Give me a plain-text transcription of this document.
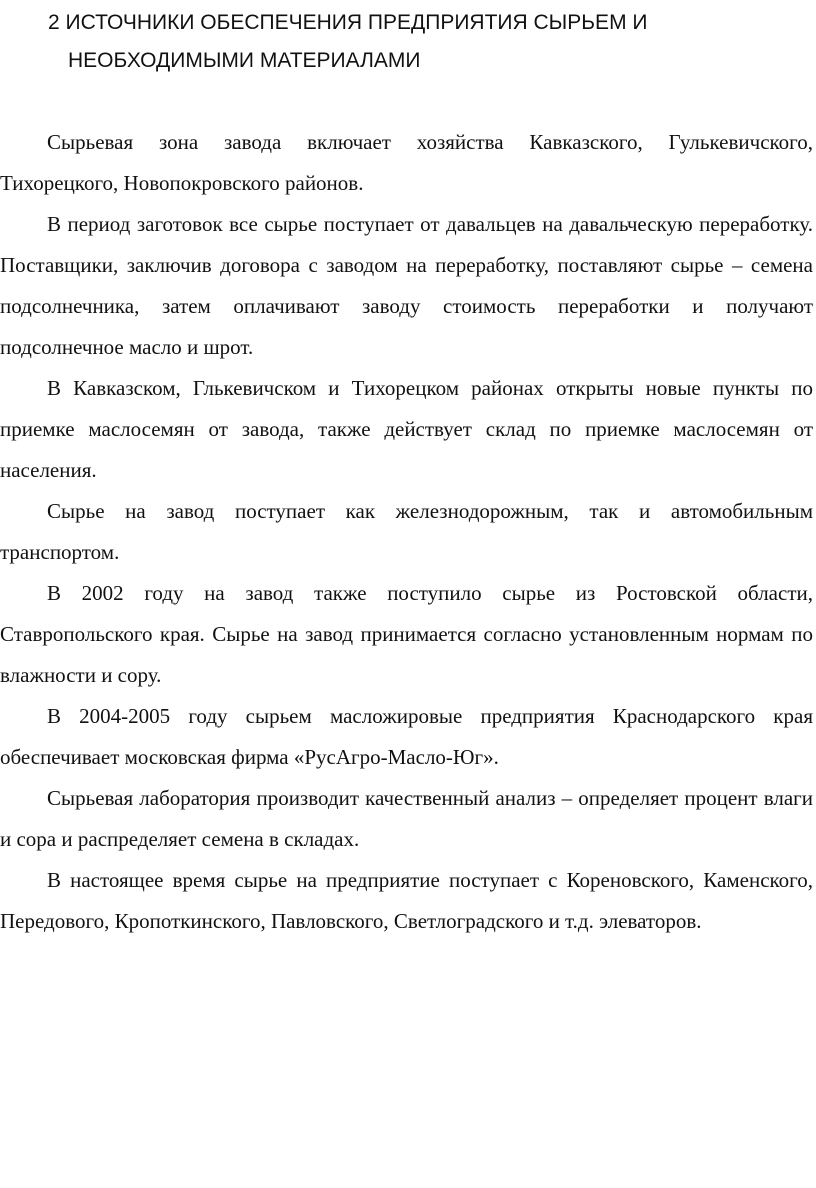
2 ИСТОЧНИКИ ОБЕСПЕЧЕНИЯ ПРЕДПРИЯТИЯ СЫРЬЕМ И
НЕОБХОДИМЫМИ МАТЕРИАЛАМИ

Сырьевая зона завода включает хозяйства Кавказского, Гулькевичского, Тихорецкого, Новопокровского районов.

В период заготовок все сырье поступает от давальцев на давальческую переработку. Поставщики, заключив договора с заводом на переработку, поставляют сырье – семена подсолнечника, затем оплачивают заводу стоимость переработки и получают подсолнечное масло и шрот.

В Кавказском, Глькевичском и Тихорецком районах открыты новые пункты по приемке маслосемян от завода, также действует склад по приемке маслосемян от населения.

Сырье на завод поступает как железнодорожным, так и автомобильным транспортом.

В 2002 году на завод также поступило сырье из Ростовской области, Ставропольского края. Сырье на завод принимается согласно установленным нормам по влажности и сору.

В 2004-2005 году сырьем масложировые предприятия Краснодарского края обеспечивает московская фирма «РусАгро-Масло-Юг».

Сырьевая лаборатория производит качественный анализ – определяет процент влаги и сора и распределяет семена в складах.

В настоящее время сырье на предприятие поступает с Кореновского, Каменского, Передового, Кропоткинского, Павловского, Светлоградского и т.д. элеваторов.
